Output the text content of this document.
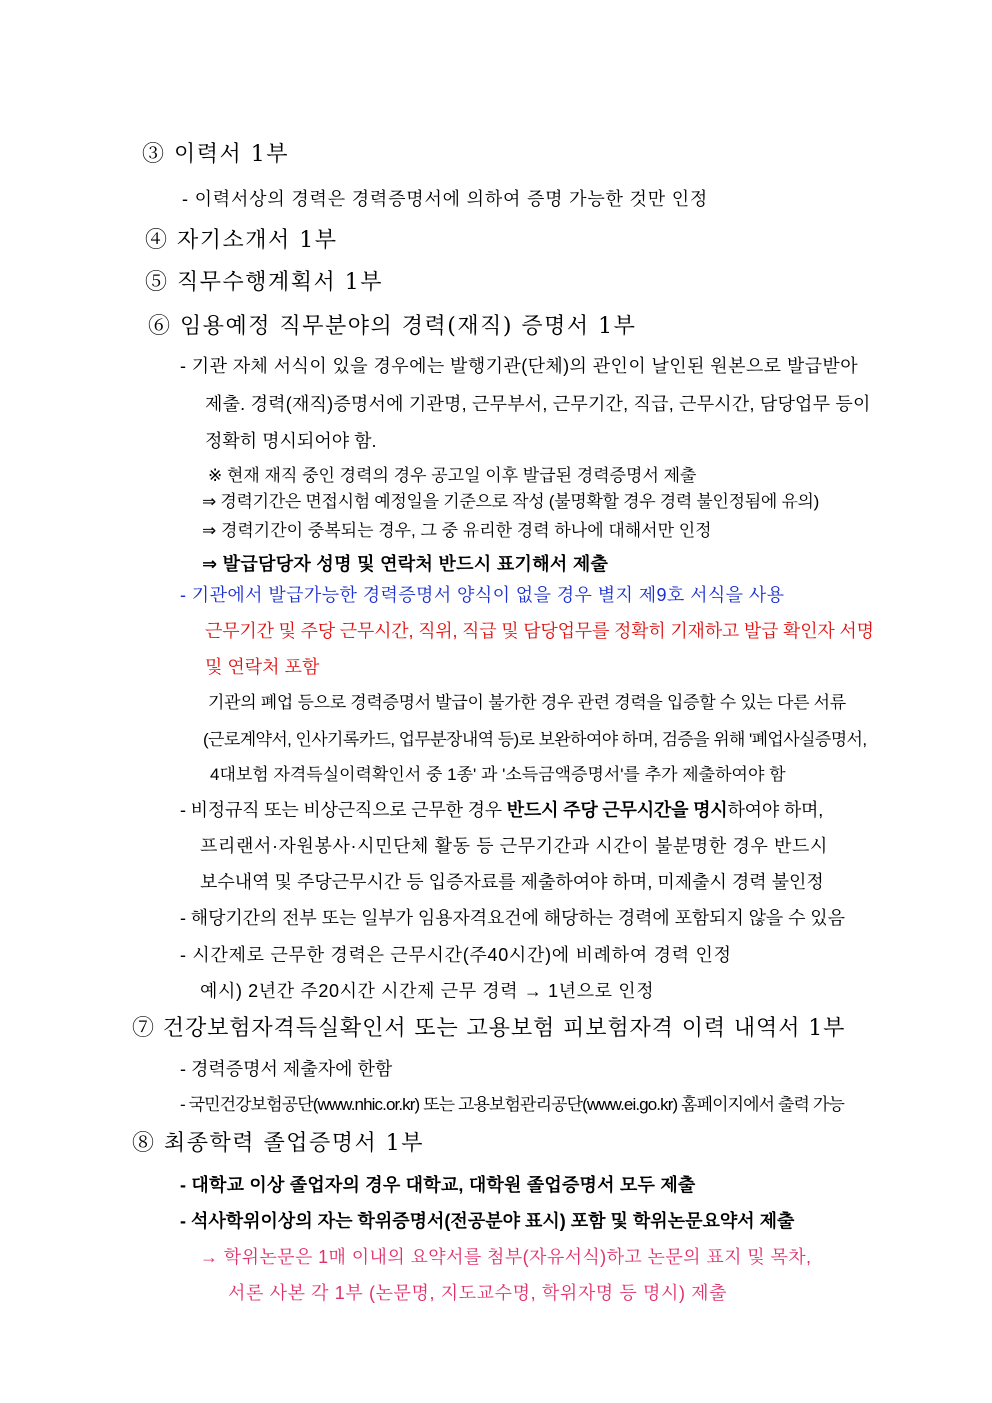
③ 이력서 1부
- 이력서상의 경력은 경력증명서에 의하여 증명 가능한 것만 인정
④ 자기소개서 1부
⑤ 직무수행계획서 1부
⑥ 임용예정 직무분야의 경력(재직) 증명서 1부
- 기관 자체 서식이 있을 경우에는 발행기관(단체)의 관인이 날인된 원본으로 발급받아
제출. 경력(재직)증명서에 기관명, 근무부서, 근무기간, 직급, 근무시간, 담당업무 등이
정확히 명시되어야 함.
※ 현재 재직 중인 경력의 경우 공고일 이후 발급된 경력증명서 제출
⇒ 경력기간은 면접시험 예정일을 기준으로 작성 (불명확할 경우 경력 불인정됨에 유의)
⇒ 경력기간이 중복되는 경우, 그 중 유리한 경력 하나에 대해서만 인정
⇒ 발급담당자 성명 및 연락처 반드시 표기해서 제출
- 기관에서 발급가능한 경력증명서 양식이 없을 경우 별지 제9호 서식을 사용
근무기간 및 주당 근무시간, 직위, 직급 및 담당업무를 정확히 기재하고 발급 확인자 서명
및 연락처 포함
기관의 폐업 등으로 경력증명서 발급이 불가한 경우 관련 경력을 입증할 수 있는 다른 서류
(근로계약서, 인사기록카드, 업무분장내역 등)로 보완하여야 하며, 검증을 위해 '폐업사실증명서,
4대보험 자격득실이력확인서 중 1종' 과 '소득금액증명서'를 추가 제출하여야 함
- 비정규직 또는 비상근직으로 근무한 경우 반드시 주당 근무시간을 명시하여야 하며,
프리랜서·자원봉사·시민단체 활동 등 근무기간과 시간이 불분명한 경우 반드시
보수내역 및 주당근무시간 등 입증자료를 제출하여야 하며, 미제출시 경력 불인정
- 해당기간의 전부 또는 일부가 임용자격요건에 해당하는 경력에 포함되지 않을 수 있음
- 시간제로 근무한 경력은 근무시간(주40시간)에 비례하여 경력 인정
예시) 2년간 주20시간 시간제 근무 경력 → 1년으로 인정
⑦ 건강보험자격득실확인서 또는 고용보험 피보험자격 이력 내역서 1부
- 경력증명서 제출자에 한함
- 국민건강보험공단(www.nhic.or.kr) 또는 고용보험관리공단(www.ei.go.kr) 홈페이지에서 출력 가능
⑧ 최종학력 졸업증명서 1부
- 대학교 이상 졸업자의 경우 대학교, 대학원 졸업증명서 모두 제출
- 석사학위이상의 자는 학위증명서(전공분야 표시) 포함 및 학위논문요약서 제출
→ 학위논문은 1매 이내의 요약서를 첨부(자유서식)하고 논문의 표지 및 목차,
서론 사본 각 1부 (논문명, 지도교수명, 학위자명 등 명시) 제출
